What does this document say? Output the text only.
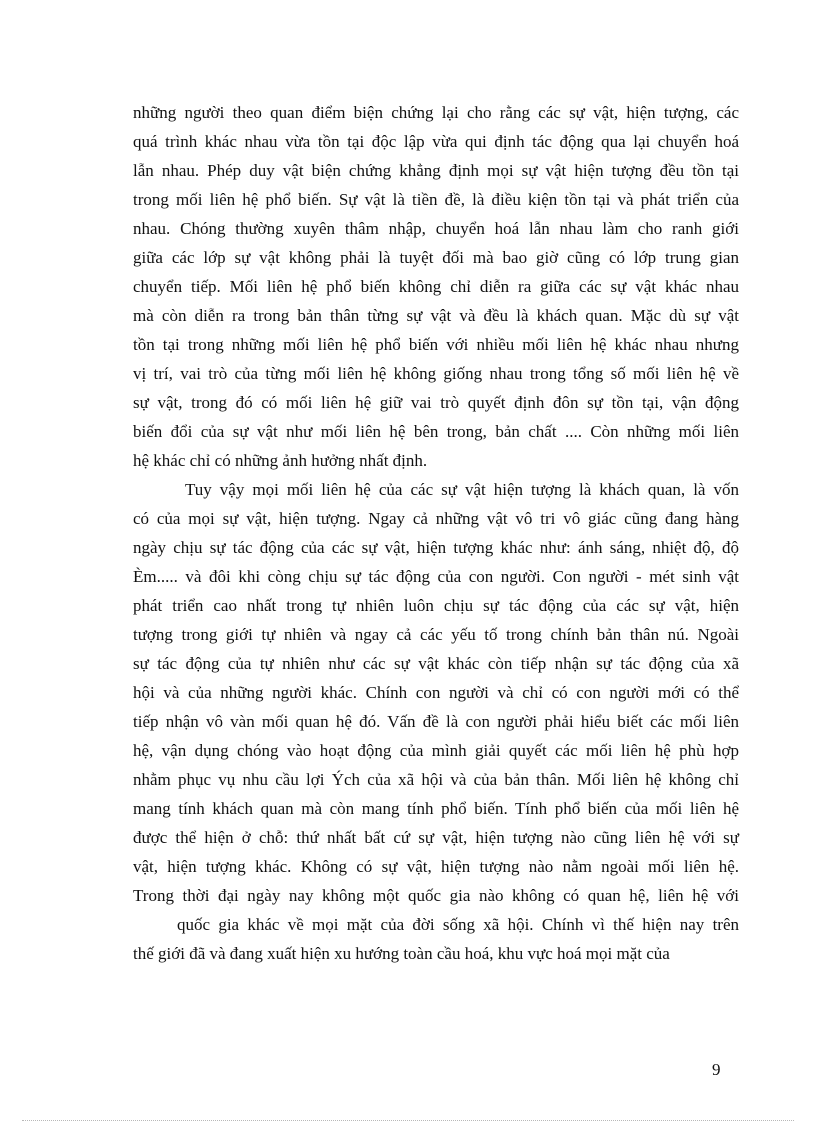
những người theo quan điểm biện chứng lại cho rằng các sự vật, hiện tượng, các
quá trình khác nhau vừa tồn tại độc lập vừa qui định tác động qua lại chuyển hoá
lẫn nhau. Phép duy vật biện chứng khẳng định mọi sự vật hiện tượng đều tồn tại
trong mối liên hệ phổ biến. Sự vật là tiền đề, là điều kiện tồn tại và phát triển của
nhau. Chóng thường xuyên thâm nhập, chuyển hoá lẫn nhau làm cho ranh giới
giữa các lớp sự vật không phải là tuyệt đối mà bao giờ cũng có lớp trung gian
chuyển tiếp. Mối liên hệ phổ biến không chỉ diễn ra giữa các sự vật khác nhau
mà còn diễn ra trong bản thân từng sự vật và đều là khách quan. Mặc dù sự vật
tồn tại trong những mối liên hệ phổ biến với nhiều mối liên hệ khác nhau nhưng
vị trí, vai trò của từng mối liên hệ không giống nhau trong tổng số mối liên hệ về
sự vật, trong đó có mối liên hệ giữ vai trò quyết định đôn sự tồn tại, vận động
biến đổi của sự vật như mối liên hệ bên trong, bản chất .... Còn những mối liên
hệ khác chỉ có những ảnh hưởng nhất định.
Tuy vậy mọi mối liên hệ của các sự vật hiện tượng là khách quan, là vốn
có của mọi sự vật, hiện tượng. Ngay cả những vật vô tri vô giác cũng đang hàng
ngày chịu sự tác động của các sự vật, hiện tượng khác như: ánh sáng, nhiệt độ, độ
Èm..... và đôi khi còng chịu sự tác động của con người. Con người - mét sinh vật
phát triển cao nhất trong tự nhiên luôn chịu sự tác động của các sự vật, hiện
tượng trong giới tự nhiên và ngay cả các yếu tố trong chính bản thân nú. Ngoài
sự tác động của tự nhiên như các sự vật khác còn tiếp nhận sự tác động của xã
hội và của những người khác. Chính con người và chỉ có con người mới có thể
tiếp nhận vô vàn mối quan hệ đó. Vấn đề là con người phải hiểu biết các mối liên
hệ, vận dụng chóng vào hoạt động của mình giải quyết các mối liên hệ phù hợp
nhằm phục vụ nhu cầu lợi Ých của xã hội và của bản thân. Mối liên hệ không chỉ
mang tính khách quan mà còn mang tính phổ biến. Tính phổ biến của mối liên hệ
được thể hiện ở chỗ: thứ nhất bất cứ sự vật, hiện tượng nào cũng liên hệ với sự
vật, hiện tượng khác. Không có sự vật, hiện tượng nào nằm ngoài mối liên hệ.
Trong thời đại ngày nay không một quốc gia nào không có quan hệ, liên hệ với
quốc gia khác về mọi mặt của đời sống xã hội. Chính vì thế hiện nay trên
thế giới đã và đang xuất hiện xu hướng toàn cầu hoá, khu vực hoá mọi mặt của
9
